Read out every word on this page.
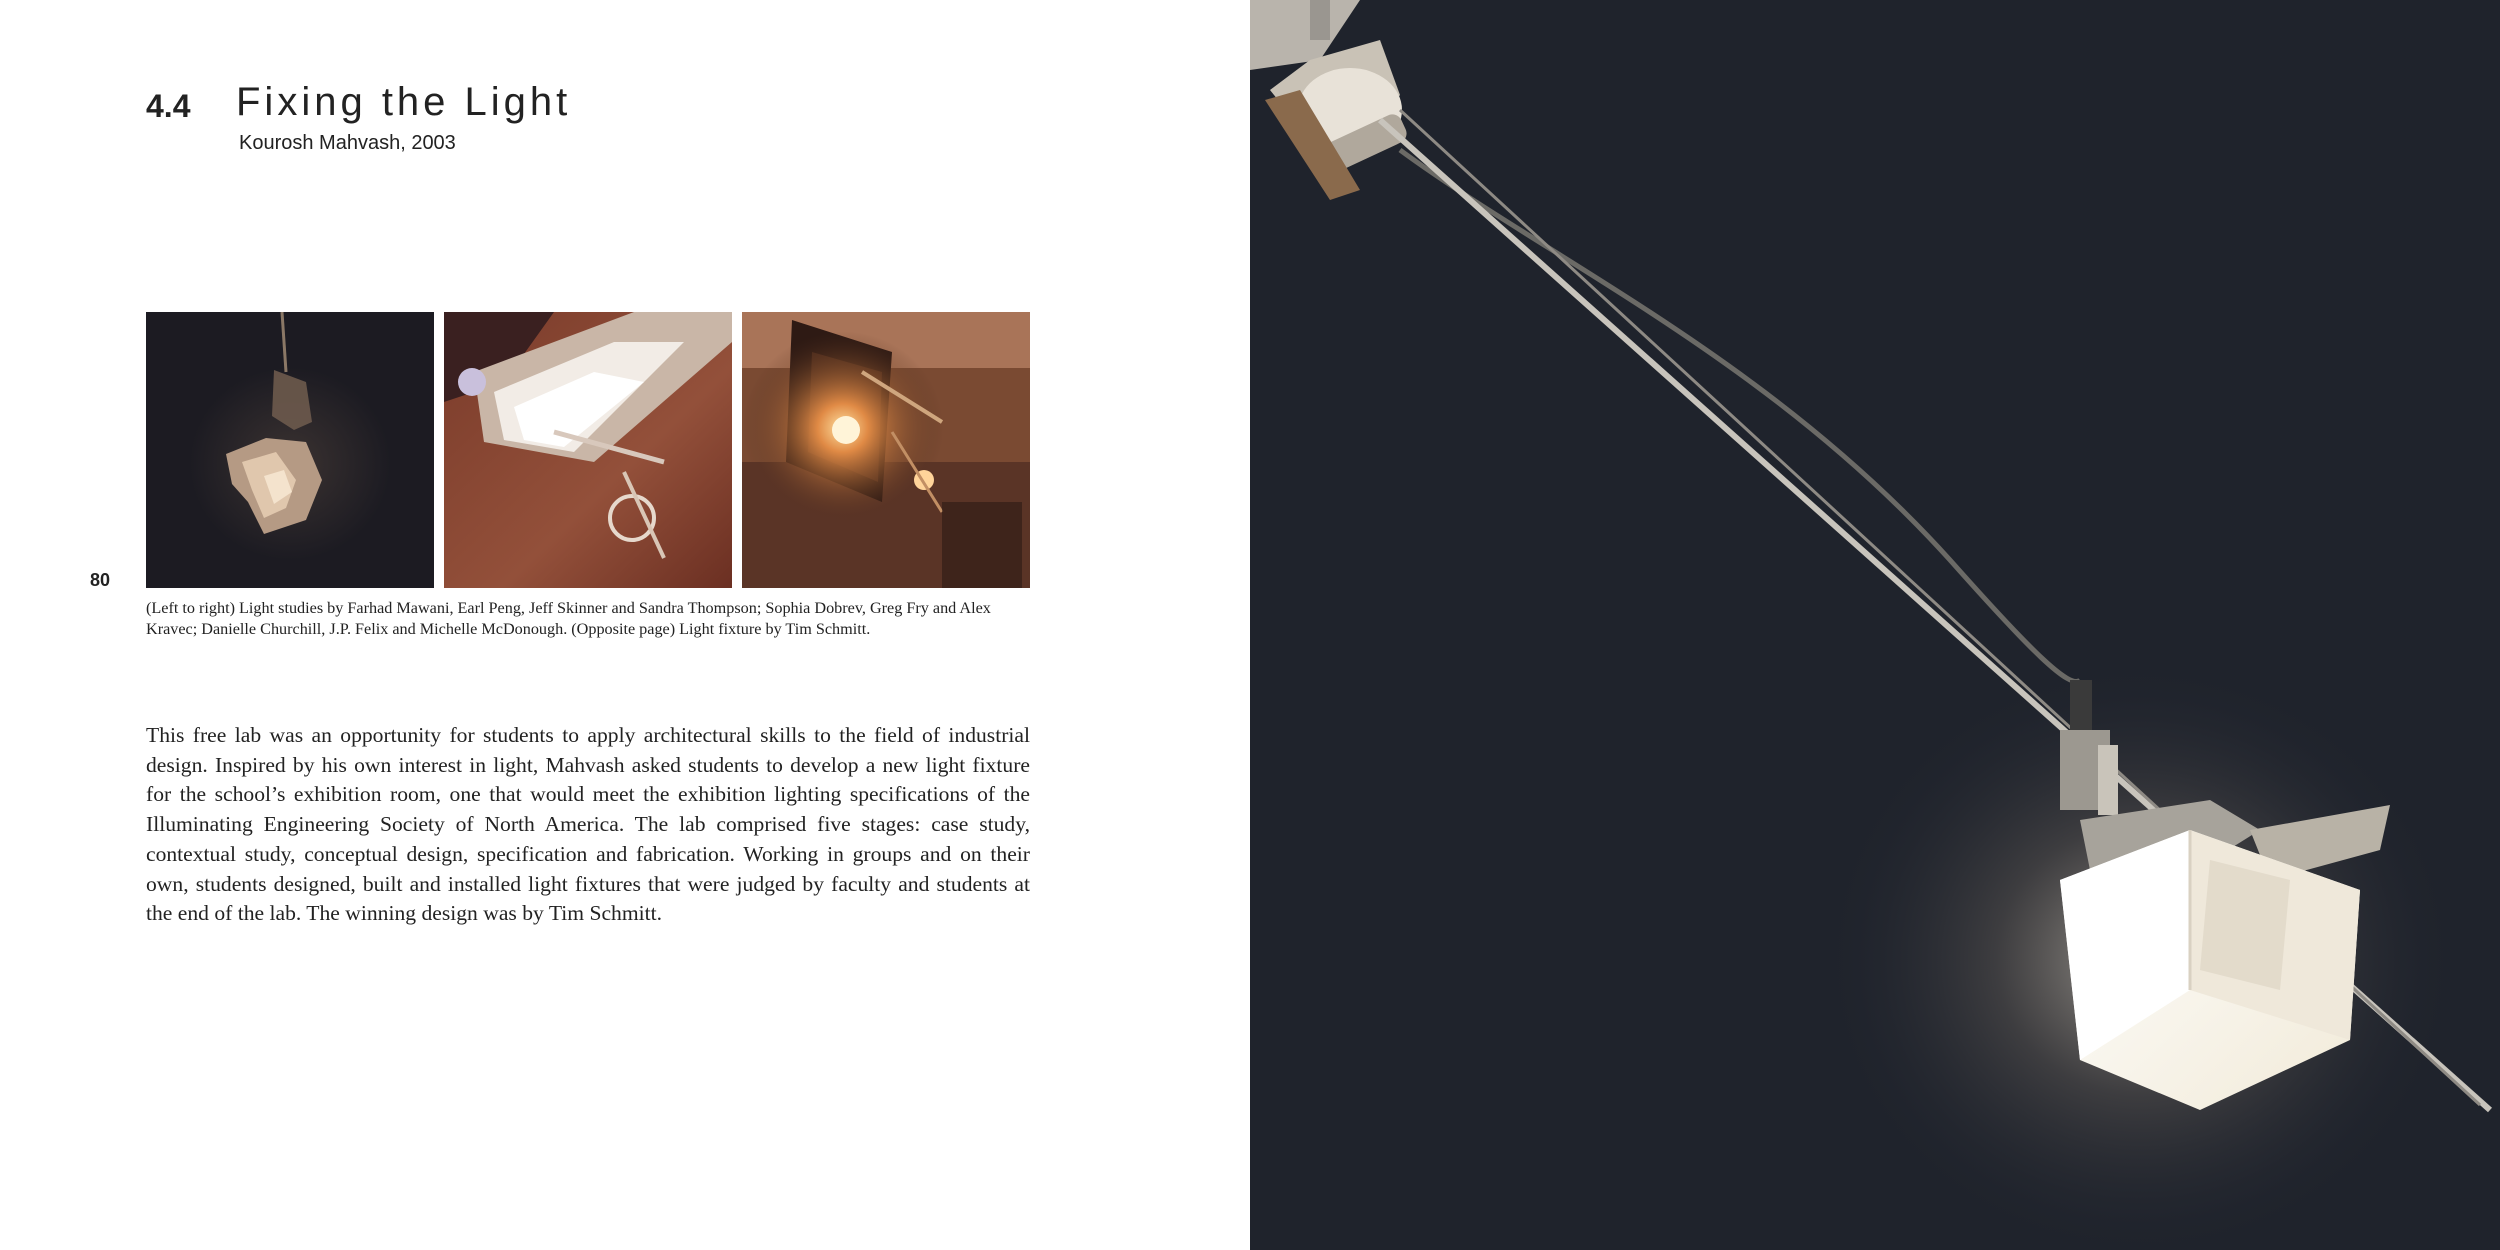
4.4 Fixing the Light
Kourosh Mahvash, 2003
80
(Left to right) Light studies by Farhad Mawani, Earl Peng, Jeff Skinner and Sandra Thompson; Sophia Dobrev, Greg Fry and Alex Kravec; Danielle Churchill, J.P. Felix and Michelle McDonough. (Opposite page) Light fixture by Tim Schmitt.
This free lab was an opportunity for students to apply architectural skills to the field of industrial design. Inspired by his own interest in light, Mahvash asked students to develop a new light fixture for the school’s exhibition room, one that would meet the exhibition lighting specifications of the Illuminating Engineering Society of North America. The lab comprised five stages: case study, contextual study, conceptual design, specification and fabrication. Working in groups and on their own, students designed, built and installed light fixtures that were judged by faculty and students at the end of the lab. The winning design was by Tim Schmitt.
